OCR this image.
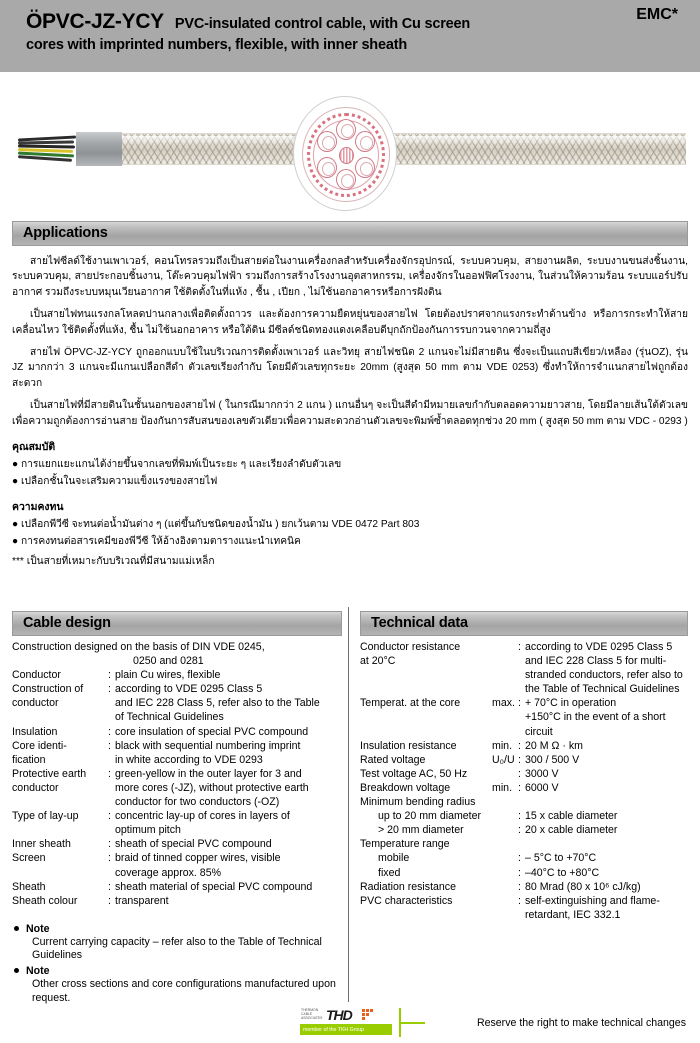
ÖPVC-JZ-YCY PVC-insulated control cable, with Cu screen
cores with imprinted numbers, flexible, with inner sheath
EMC*
Applications

สายไฟซีลด์ใช้งานเพาเวอร์, คอนโทรลรวมถึงเป็นสายต่อในงานเครื่องกลสำหรับเครื่องจักรอุปกรณ์, ระบบควบคุม, สายงานผลิต, ระบบงานขนส่งชิ้นงาน, ระบบควบคุม, สายประกอบชิ้นงาน, โต๊ะควบคุมไฟฟ้า รวมถึงการสร้างโรงงานอุตสาหกรรม, เครื่องจักรในออฟฟิศโรงงาน, ในส่วนให้ความร้อน ระบบแอร์ปรับอากาศ รวมถึงระบบหมุนเวียนอากาศ ใช้ติดตั้งในที่แห้ง , ชื้น , เปียก , ไม่ใช้นอกอาคารหรือการฝังดิน

เป็นสายไฟทนแรงกลโหลดปานกลางเพื่อติดตั้งถาวร และต้องการความยืดหยุ่นของสายไฟ โดยต้องปราศจากแรงกระทำด้านข้าง หรือการกระทำให้สายเคลื่อนไหว ใช้ติดตั้งที่แห้ง, ชื้น ไม่ใช้นอกอาคาร หรือใต้ดิน มีซีลด์ชนิดทองแดงเคลือบดีบุกถักป้องกันการรบกวนจากความถี่สูง

สายไฟ ÖPVC-JZ-YCY ถูกออกแบบใช้ในบริเวณการติดตั้งเพาเวอร์ และวิทยุ สายไฟชนิด 2 แกนจะไม่มีสายดิน ซึ่งจะเป็นแถบสีเขียว/เหลือง (รุ่นOZ), รุ่น JZ มากกว่า 3 แกนจะมีแกนเปลือกสีดำ ตัวเลขเรียงกำกับ โดยมีตัวเลขทุกระยะ 20mm (สูงสุด 50 mm ตาม VDE 0253) ซึ่งทำให้การจำแนกสายไฟถูกต้อง สะดวก

เป็นสายไฟที่มีสายดินในชั้นนอกของสายไฟ ( ในกรณีมากกว่า 2 แกน ) แกนอื่นๆ จะเป็นสีดำมีหมายเลขกำกับตลอดความยาวสาย, โดยมีลายเส้นใต้ตัวเลขเพื่อความถูกต้องการอ่านสาย ป้องกันการสับสนของเลขตัวเดียวเพื่อความสะดวกอ่านตัวเลขจะพิมพ์ซ้ำตลอดทุกช่วง 20 mm ( สูงสุด 50 mm ตาม VDC - 0293 )

คุณสมบัติ
● การแยกแยะแกนได้ง่ายขึ้นจากเลขที่พิมพ์เป็นระยะ ๆ และเรียงลำดับตัวเลข
● เปลือกชั้นในจะเสริมความแข็งแรงของสายไฟ
ความคงทน
● เปลือกพีวีซี จะทนต่อน้ำมันต่าง ๆ (แต่ขึ้นกับชนิดของน้ำมัน ) ยกเว้นตาม VDE 0472 Part 803
● การคงทนต่อสารเคมีของพีวีซี ให้อ้างอิงตามตารางแนะนำเทคนิค
*** เป็นสายที่เหมาะกับบริเวณที่มีสนามแม่เหล็ก
Cable design
Construction designed on the basis of DIN VDE 0245,		
		0250 and 0281
Conductor	:	plain Cu wires, flexible
Construction of	:	according to VDE 0295 Class 5
conductor		and IEC 228 Class 5, refer also to the Table
		of Technical Guidelines
Insulation	:	core insulation of special PVC compound
Core identi-	:	black with sequential numbering imprint
fication		in white according to VDE 0293
Protective earth	:	green-yellow in the outer layer for 3 and
conductor		more cores (-JZ), without protective earth
		conductor for two conductors (-OZ)
Type of lay-up	:	concentric lay-up of cores in layers of
		optimum pitch
Inner sheath	:	sheath of special PVC compound
Screen	:	braid of tinned copper wires, visible
		coverage approx. 85%
Sheath	:	sheath material of special PVC compound
Sheath colour	:	transparent
Note
Current carrying capacity – refer also to the Table of Technical Guidelines
Note
Other cross sections and core configurations manufactured upon request.
Technical data
Conductor resistance		:	according to VDE 0295 Class 5
at 20°C			and IEC 228 Class 5 for multi-
			stranded conductors, refer also to
			the Table of Technical Guidelines
Temperat. at the core	max.	:	+ 70°C in operation
			+150°C in the event of a short
			circuit
Insulation resistance	min.	:	20 M Ω · km
Rated voltage	U₀/U	:	300 / 500 V
Test voltage AC, 50 Hz		:	3000 V
Breakdown voltage	min.	:	6000 V
Minimum bending radius			
up to 20 mm diameter		:	15 x cable diameter
> 20 mm diameter		:	20 x cable diameter
Temperature range			
mobile		:	– 5°C to +70°C
fixed		:	–40°C to +80°C
Radiation resistance		:	80 Mrad (80 x 10⁶ cJ/kg)
PVC characteristics		:	self-extinguishing and flame-
			retardant, IEC 332.1
THERMON
CABLE
ASSOCIATES THD
member of the TKH Group
Reserve the right to make technical changes
